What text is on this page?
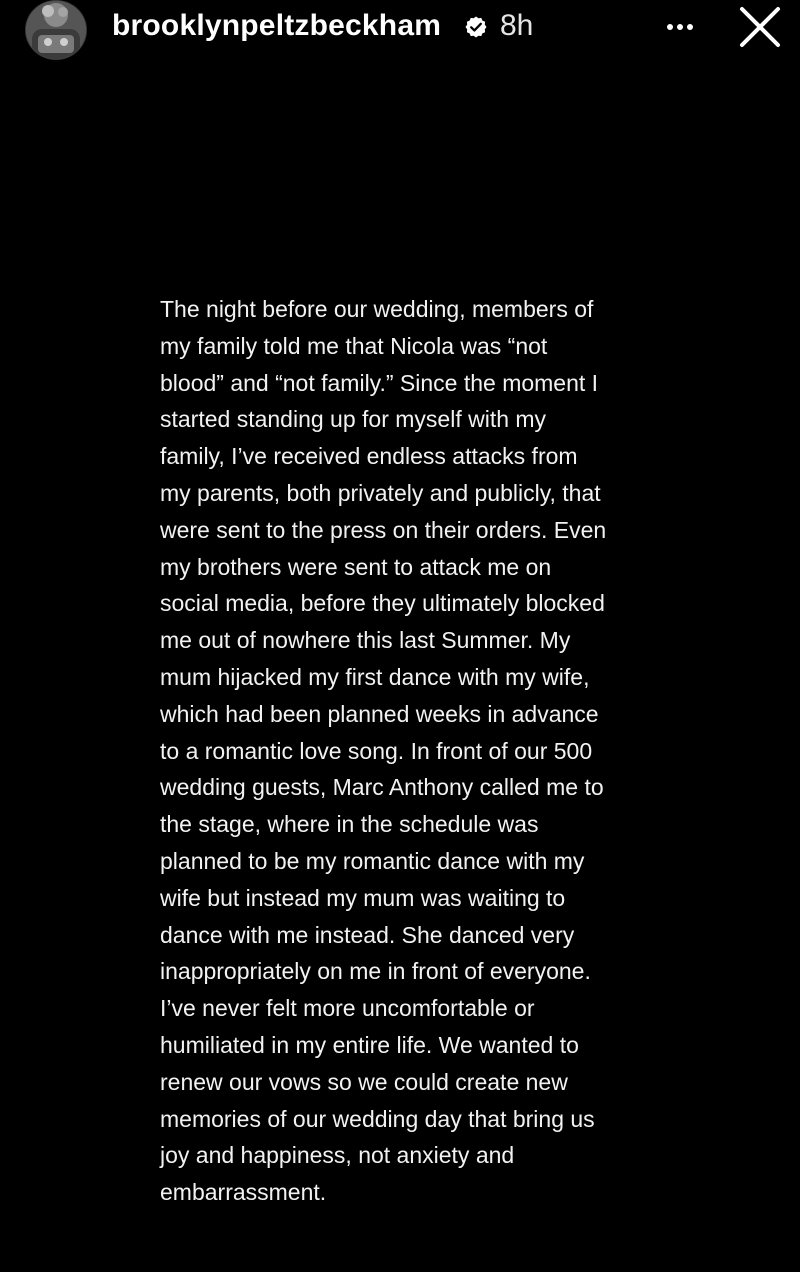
brooklynpeltzbeckham 8h

The night before our wedding, members of
my family told me that Nicola was “not
blood” and “not family.” Since the moment I
started standing up for myself with my
family, I’ve received endless attacks from
my parents, both privately and publicly, that
were sent to the press on their orders. Even
my brothers were sent to attack me on
social media, before they ultimately blocked
me out of nowhere this last Summer. My
mum hijacked my first dance with my wife,
which had been planned weeks in advance
to a romantic love song. In front of our 500
wedding guests, Marc Anthony called me to
the stage, where in the schedule was
planned to be my romantic dance with my
wife but instead my mum was waiting to
dance with me instead. She danced very
inappropriately on me in front of everyone.
I’ve never felt more uncomfortable or
humiliated in my entire life. We wanted to
renew our vows so we could create new
memories of our wedding day that bring us
joy and happiness, not anxiety and
embarrassment.
